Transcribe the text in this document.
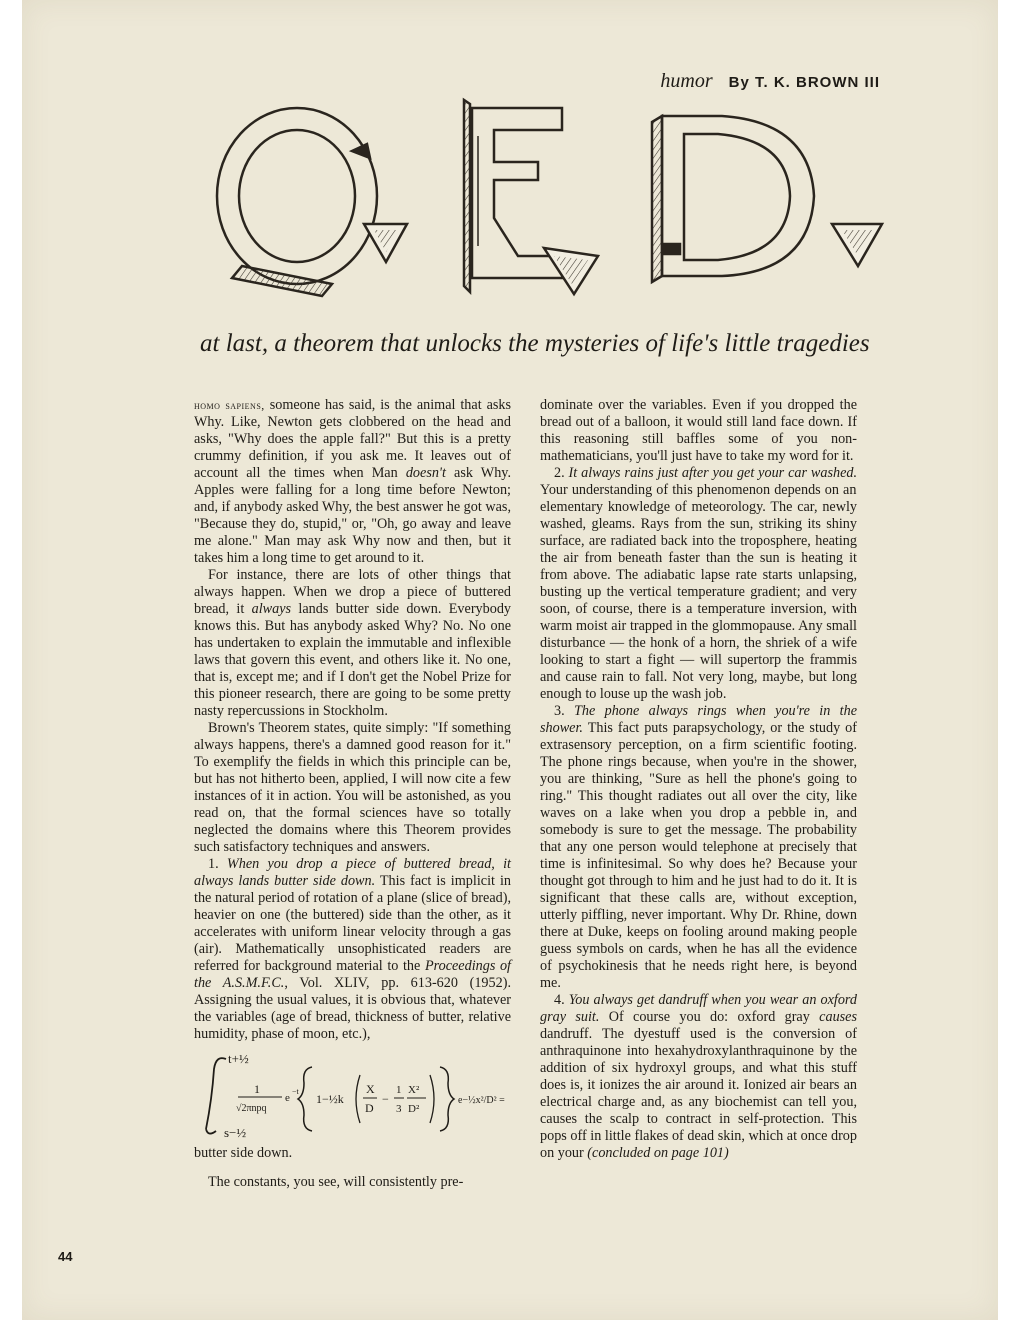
humor By T. K. BROWN III
at last, a theorem that unlocks the mysteries of life's little tragedies

homo sapiens, someone has said, is the animal that asks Why. Like, Newton gets clobbered on the head and asks, "Why does the apple fall?" But this is a pretty crummy definition, if you ask me. It leaves out of account all the times when Man doesn't ask Why. Apples were falling for a long time before Newton; and, if anybody asked Why, the best answer he got was, "Because they do, stupid," or, "Oh, go away and leave me alone." Man may ask Why now and then, but it takes him a long time to get around to it.

For instance, there are lots of other things that always happen. When we drop a piece of buttered bread, it always lands butter side down. Everybody knows this. But has anybody asked Why? No. No one has undertaken to explain the immutable and inflexible laws that govern this event, and others like it. No one, that is, except me; and if I don't get the Nobel Prize for this pioneer research, there are going to be some pretty nasty repercussions in Stockholm.

Brown's Theorem states, quite simply: "If something always happens, there's a damned good reason for it." To exemplify the fields in which this principle can be, but has not hitherto been, applied, I will now cite a few instances of it in action. You will be astonished, as you read on, that the formal sciences have so totally neglected the domains where this Theorem provides such satisfactory techniques and answers.

1. When you drop a piece of buttered bread, it always lands butter side down. This fact is implicit in the natural period of rotation of a plane (slice of bread), heavier on one (the buttered) side than the other, as it accelerates with uniform linear velocity through a gas (air). Mathematically unsophisticated readers are referred for background material to the Proceedings of the A.S.M.F.C., Vol. XLIV, pp. 613-620 (1952). Assigning the usual values, it is obvious that, whatever the variables (age of bread, thickness of butter, relative humidity, phase of moon, etc.),

t+½
s−½
1
√2πnpq
e
−t
1−½k
X
D
−
1
3
X²
D²
e−½x²/D² =

butter side down.

The constants, you see, will consistently pre-

dominate over the variables. Even if you dropped the bread out of a balloon, it would still land face down. If this reasoning still baffles some of you non-mathematicians, you'll just have to take my word for it.

2. It always rains just after you get your car washed. Your understanding of this phenomenon depends on an elementary knowledge of meteorology. The car, newly washed, gleams. Rays from the sun, striking its shiny surface, are radiated back into the troposphere, heating the air from beneath faster than the sun is heating it from above. The adiabatic lapse rate starts unlapsing, busting up the vertical temperature gradient; and very soon, of course, there is a temperature inversion, with warm moist air trapped in the glommopause. Any small disturbance — the honk of a horn, the shriek of a wife looking to start a fight — will supertorp the frammis and cause rain to fall. Not very long, maybe, but long enough to louse up the wash job.

3. The phone always rings when you're in the shower. This fact puts parapsychology, or the study of extrasensory perception, on a firm scientific footing. The phone rings because, when you're in the shower, you are thinking, "Sure as hell the phone's going to ring." This thought radiates out all over the city, like waves on a lake when you drop a pebble in, and somebody is sure to get the message. The probability that any one person would telephone at precisely that time is infinitesimal. So why does he? Because your thought got through to him and he just had to do it. It is significant that these calls are, without exception, utterly piffling, never important. Why Dr. Rhine, down there at Duke, keeps on fooling around making people guess symbols on cards, when he has all the evidence of psychokinesis that he needs right here, is beyond me.

4. You always get dandruff when you wear an oxford gray suit. Of course you do: oxford gray causes dandruff. The dyestuff used is the conversion of anthraquinone into hexahydroxylanthraquinone by the addition of six hydroxyl groups, and what this stuff does is, it ionizes the air around it. Ionized air bears an electrical charge and, as any biochemist can tell you, causes the scalp to contract in self-protection. This pops off in little flakes of dead skin, which at once drop on your (concluded on page 101)

44
